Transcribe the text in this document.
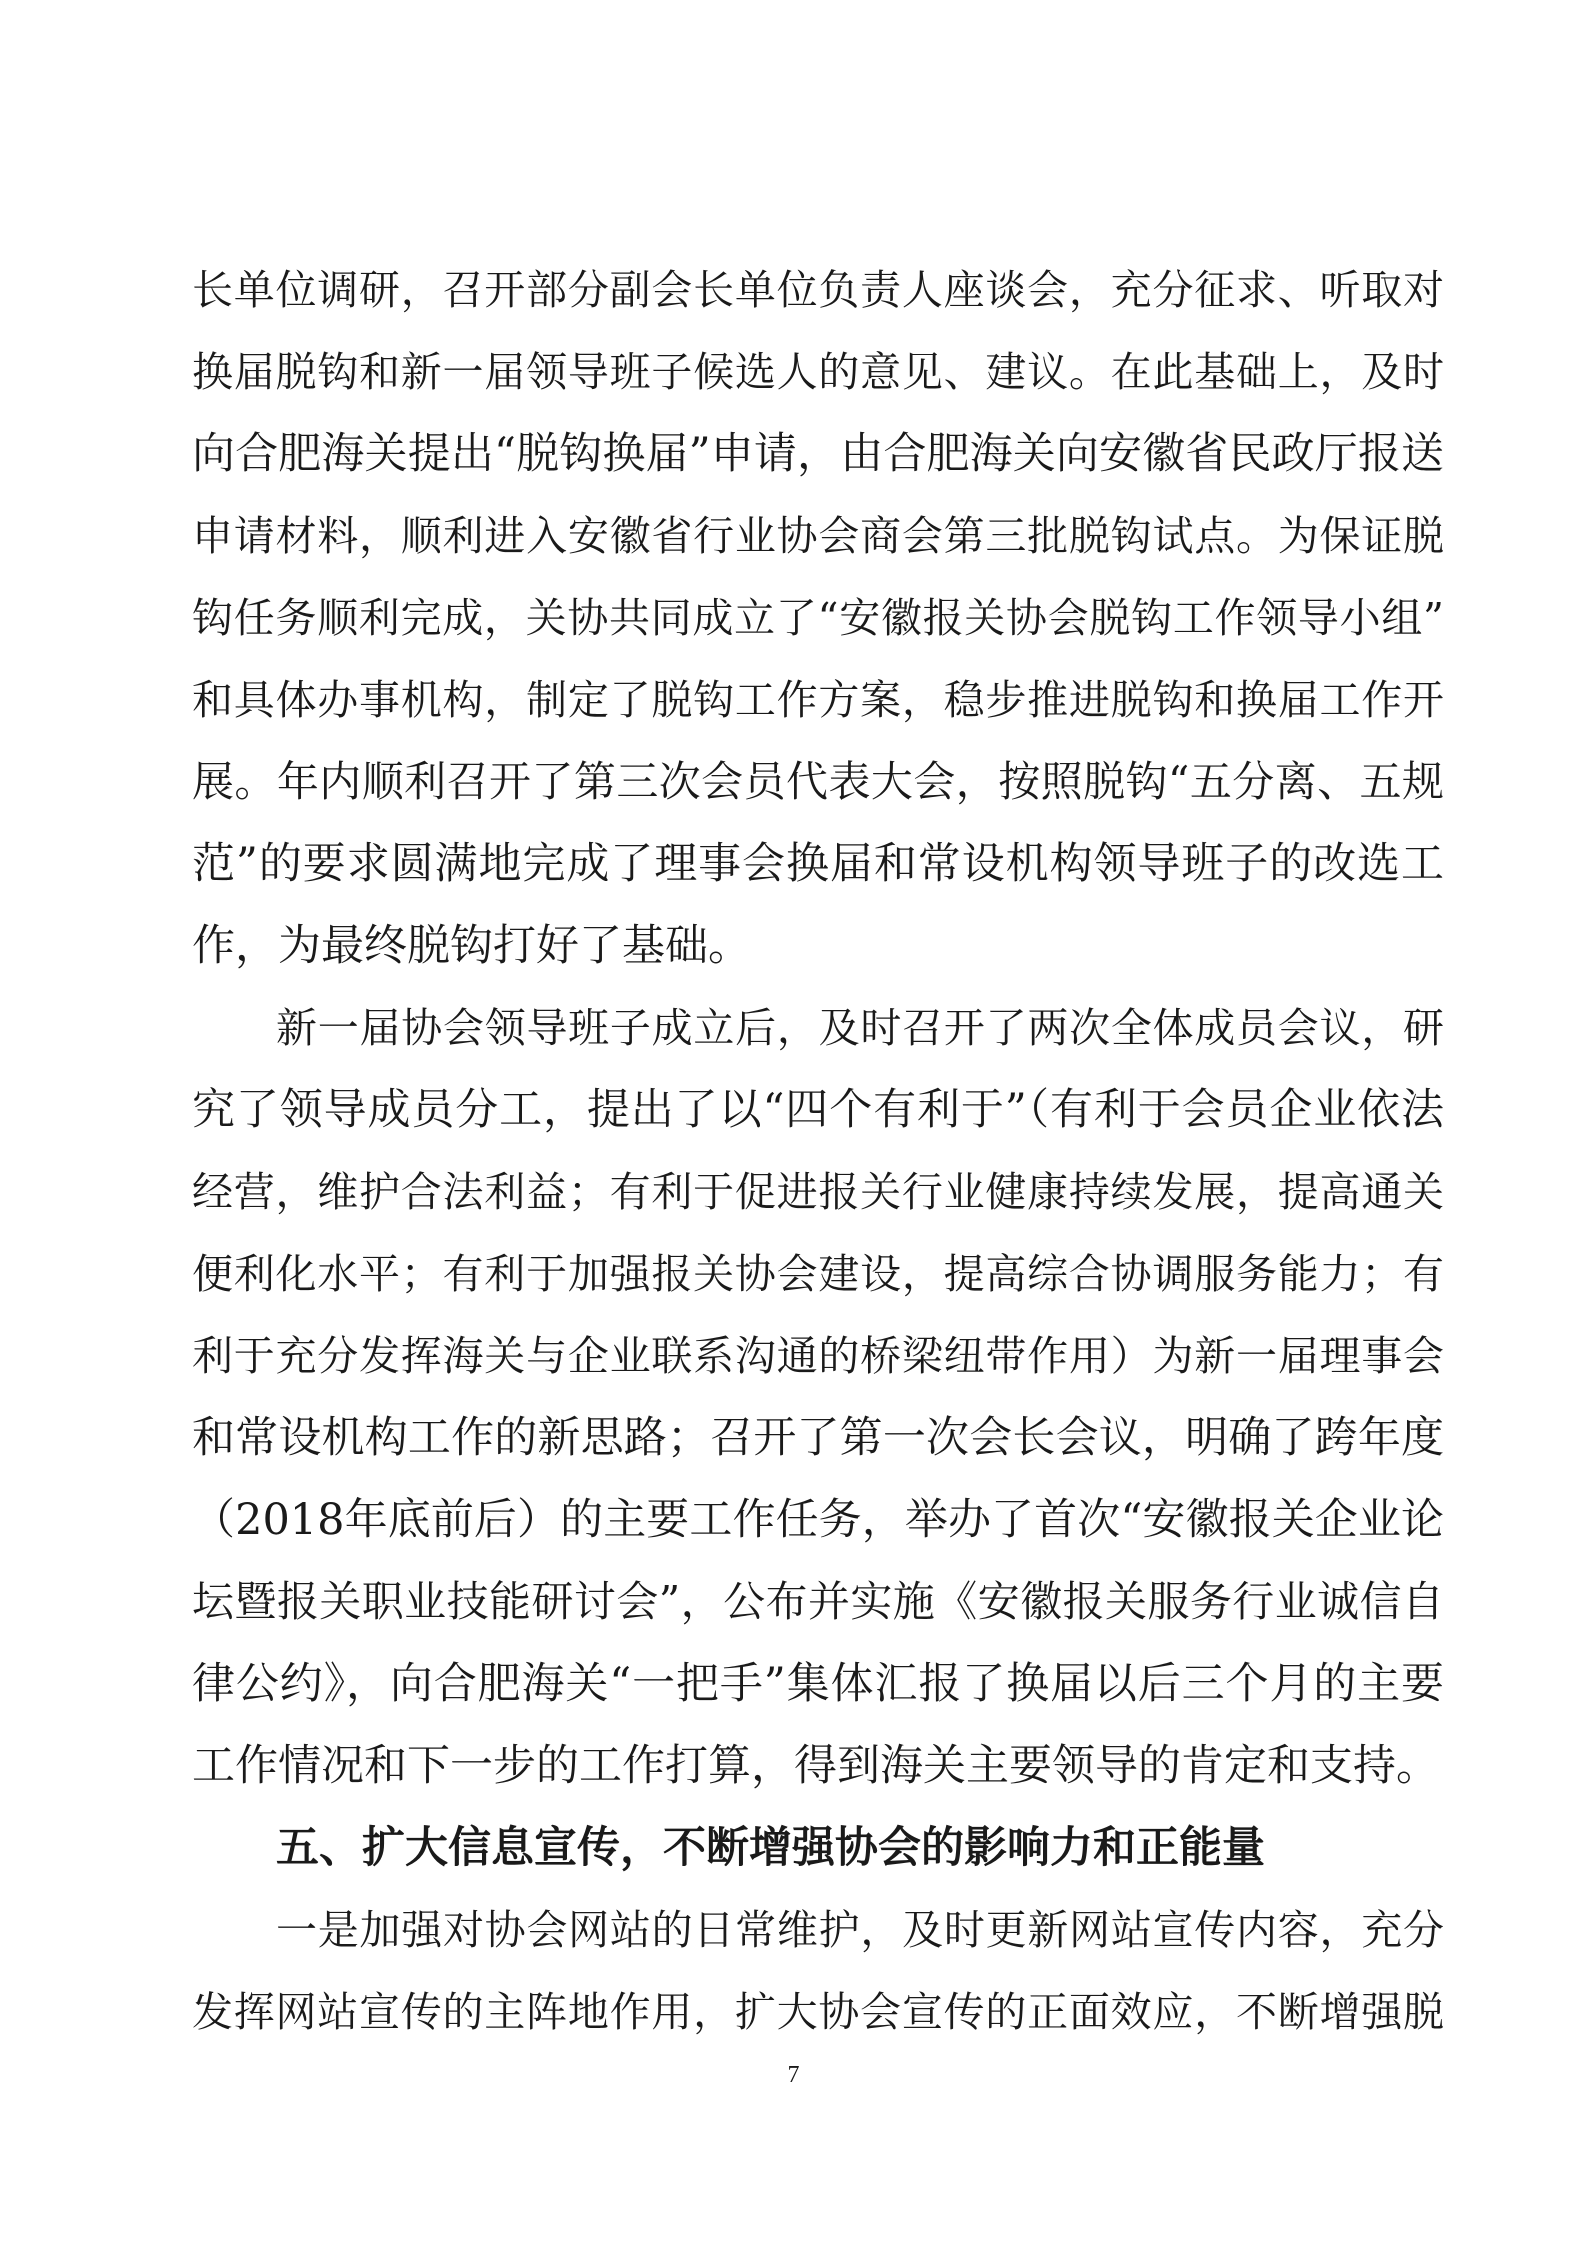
长单位调研，召开部分副会长单位负责人座谈会，充分征求、听取对
换届脱钩和新一届领导班子候选人的意见、建议。在此基础上，及时
向合肥海关提出“脱钩换届”申请，由合肥海关向安徽省民政厅报送
申请材料，顺利进入安徽省行业协会商会第三批脱钩试点。为保证脱
钩任务顺利完成，关协共同成立了“安徽报关协会脱钩工作领导小组”
和具体办事机构，制定了脱钩工作方案，稳步推进脱钩和换届工作开
展。年内顺利召开了第三次会员代表大会，按照脱钩“五分离、五规
范”的要求圆满地完成了理事会换届和常设机构领导班子的改选工
作，为最终脱钩打好了基础。
新一届协会领导班子成立后，及时召开了两次全体成员会议，研
究了领导成员分工，提出了以“四个有利于”（有利于会员企业依法
经营，维护合法利益；有利于促进报关行业健康持续发展，提高通关
便利化水平；有利于加强报关协会建设，提高综合协调服务能力；有
利于充分发挥海关与企业联系沟通的桥梁纽带作用）为新一届理事会
和常设机构工作的新思路；召开了第一次会长会议，明确了跨年度
（2018年底前后）的主要工作任务，举办了首次“安徽报关企业论
坛暨报关职业技能研讨会”，公布并实施《安徽报关服务行业诚信自
律公约》，向合肥海关“一把手”集体汇报了换届以后三个月的主要
工作情况和下一步的工作打算，得到海关主要领导的肯定和支持。
五、扩大信息宣传，不断增强协会的影响力和正能量
一是加强对协会网站的日常维护，及时更新网站宣传内容，充分
发挥网站宣传的主阵地作用，扩大协会宣传的正面效应，不断增强脱
7
